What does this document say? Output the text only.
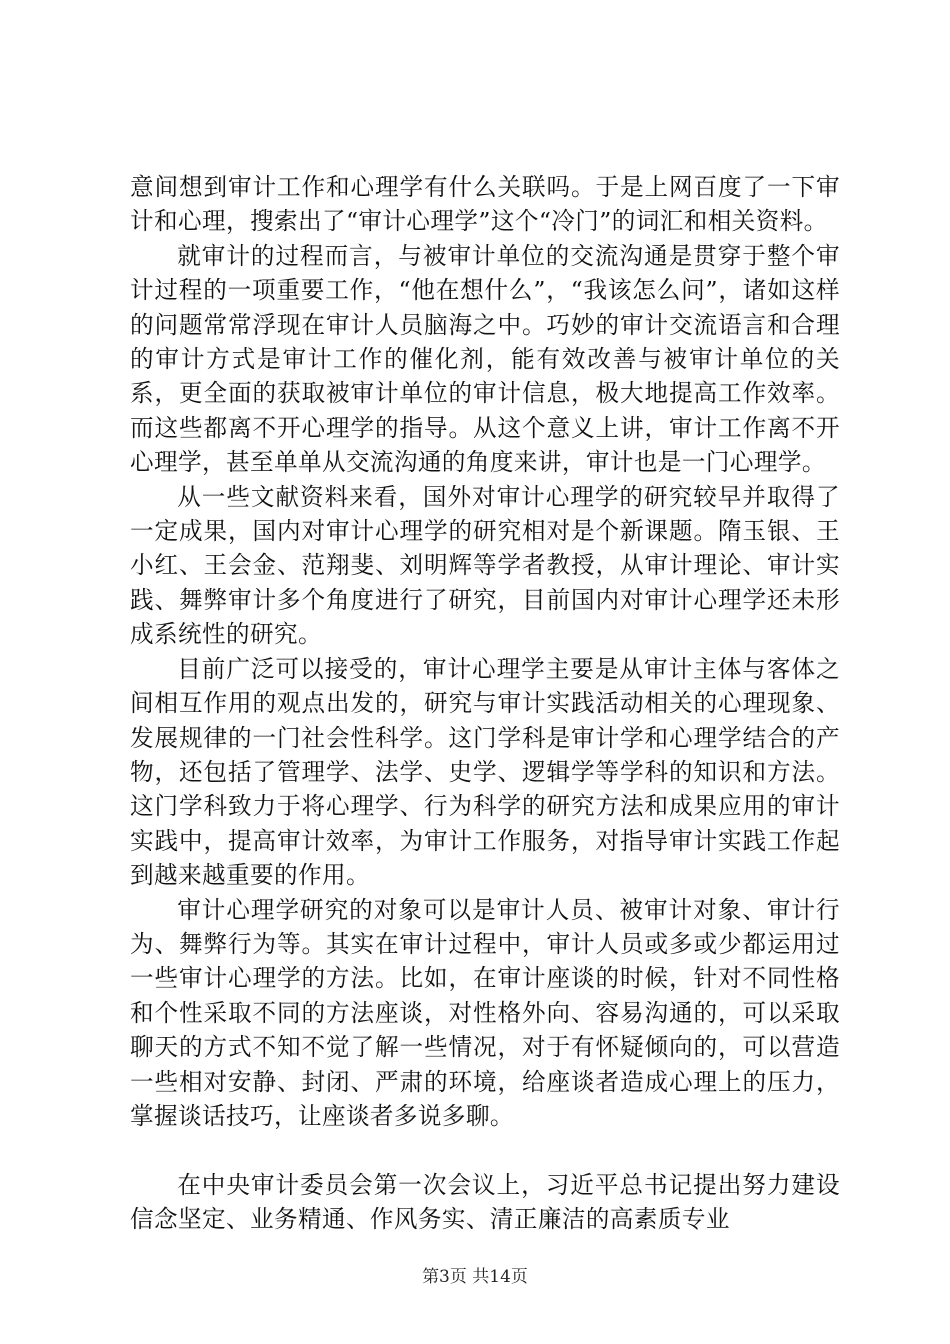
意间想到审计工作和心理学有什么关联吗。于是上网百度了一下审计和心理，搜索出了“审计心理学”这个“冷门”的词汇和相关资料。

就审计的过程而言，与被审计单位的交流沟通是贯穿于整个审计过程的一项重要工作，“他在想什么”，“我该怎么问”，诸如这样的问题常常浮现在审计人员脑海之中。巧妙的审计交流语言和合理的审计方式是审计工作的催化剂，能有效改善与被审计单位的关系，更全面的获取被审计单位的审计信息，极大地提高工作效率。而这些都离不开心理学的指导。从这个意义上讲，审计工作离不开心理学，甚至单单从交流沟通的角度来讲，审计也是一门心理学。

从一些文献资料来看，国外对审计心理学的研究较早并取得了一定成果，国内对审计心理学的研究相对是个新课题。隋玉银、王小红、王会金、范翔斐、刘明辉等学者教授，从审计理论、审计实践、舞弊审计多个角度进行了研究，目前国内对审计心理学还未形成系统性的研究。

目前广泛可以接受的，审计心理学主要是从审计主体与客体之间相互作用的观点出发的，研究与审计实践活动相关的心理现象、发展规律的一门社会性科学。这门学科是审计学和心理学结合的产物，还包括了管理学、法学、史学、逻辑学等学科的知识和方法。这门学科致力于将心理学、行为科学的研究方法和成果应用的审计实践中，提高审计效率，为审计工作服务，对指导审计实践工作起到越来越重要的作用。

审计心理学研究的对象可以是审计人员、被审计对象、审计行为、舞弊行为等。其实在审计过程中，审计人员或多或少都运用过一些审计心理学的方法。比如，在审计座谈的时候，针对不同性格和个性采取不同的方法座谈，对性格外向、容易沟通的，可以采取聊天的方式不知不觉了解一些情况，对于有怀疑倾向的，可以营造一些相对安静、封闭、严肃的环境，给座谈者造成心理上的压力，掌握谈话技巧，让座谈者多说多聊。

在中央审计委员会第一次会议上，习近平总书记提出努力建设信念坚定、业务精通、作风务实、清正廉洁的高素质专业

第3页 共14页
